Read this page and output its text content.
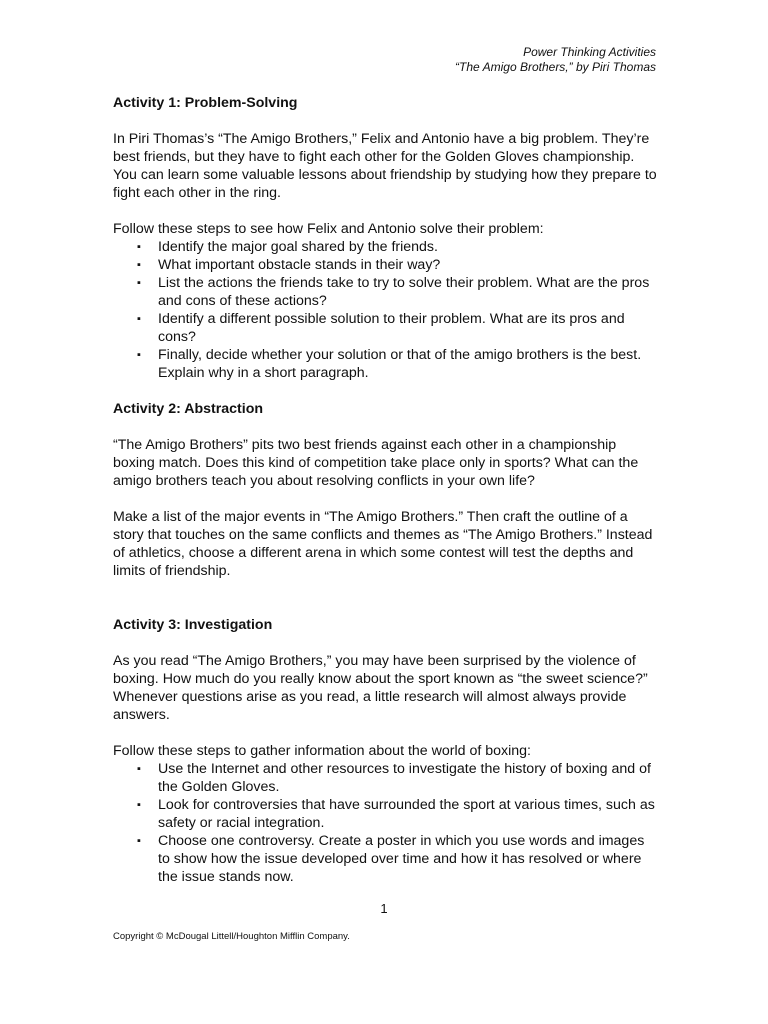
Power Thinking Activities
“The Amigo Brothers,” by Piri Thomas

Activity 1: Problem-Solving

In Piri Thomas’s “The Amigo Brothers,” Felix and Antonio have a big problem. They’re best friends, but they have to fight each other for the Golden Gloves championship. You can learn some valuable lessons about friendship by studying how they prepare to fight each other in the ring.

Follow these steps to see how Felix and Antonio solve their problem:

▪ Identify the major goal shared by the friends.
▪ What important obstacle stands in their way?
▪ List the actions the friends take to try to solve their problem. What are the pros and cons of these actions?
▪ Identify a different possible solution to their problem. What are its pros and cons?
▪ Finally, decide whether your solution or that of the amigo brothers is the best. Explain why in a short paragraph.

Activity 2: Abstraction

“The Amigo Brothers” pits two best friends against each other in a championship boxing match. Does this kind of competition take place only in sports? What can the amigo brothers teach you about resolving conflicts in your own life?

Make a list of the major events in “The Amigo Brothers.” Then craft the outline of a story that touches on the same conflicts and themes as “The Amigo Brothers.” Instead of athletics, choose a different arena in which some contest will test the depths and limits of friendship.

Activity 3: Investigation

As you read “The Amigo Brothers,” you may have been surprised by the violence of boxing. How much do you really know about the sport known as “the sweet science?” Whenever questions arise as you read, a little research will almost always provide answers.

Follow these steps to gather information about the world of boxing:

▪ Use the Internet and other resources to investigate the history of boxing and of the Golden Gloves.
▪ Look for controversies that have surrounded the sport at various times, such as safety or racial integration.
▪ Choose one controversy. Create a poster in which you use words and images to show how the issue developed over time and how it has resolved or where the issue stands now.
1
Copyright © McDougal Littell/Houghton Mifflin Company.
